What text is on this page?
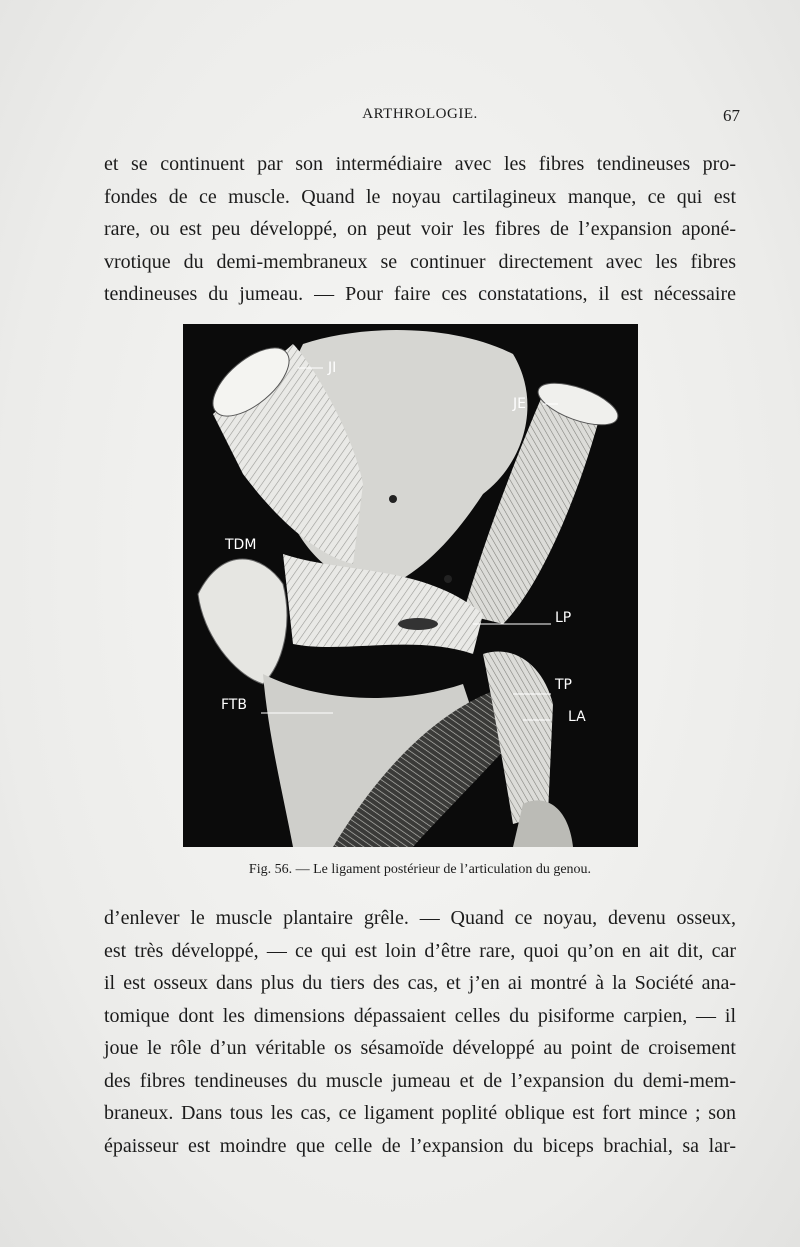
ARTHROLOGIE.	67
et se continuent par son intermédiaire avec les fibres tendineuses pro-
fondes de ce muscle. Quand le noyau cartilagineux manque, ce qui est
rare, ou est peu développé, on peut voir les fibres de l’expansion aponé-
vrotique du demi-membraneux se continuer directement avec les fibres
tendineuses du jumeau. — Pour faire ces constatations, il est nécessaire
JI
JE
TDM
LP
TP
FTB
LA
Fig. 56. — Le ligament postérieur de l’articulation du genou.
d’enlever le muscle plantaire grêle. — Quand ce noyau, devenu osseux,
est très développé, — ce qui est loin d’être rare, quoi qu’on en ait dit, car
il est osseux dans plus du tiers des cas, et j’en ai montré à la Société ana-
tomique dont les dimensions dépassaient celles du pisiforme carpien, — il
joue le rôle d’un véritable os sésamoïde développé au point de croisement
des fibres tendineuses du muscle jumeau et de l’expansion du demi-mem-
braneux. Dans tous les cas, ce ligament poplité oblique est fort mince ; son
épaisseur est moindre que celle de l’expansion du biceps brachial, sa lar-
